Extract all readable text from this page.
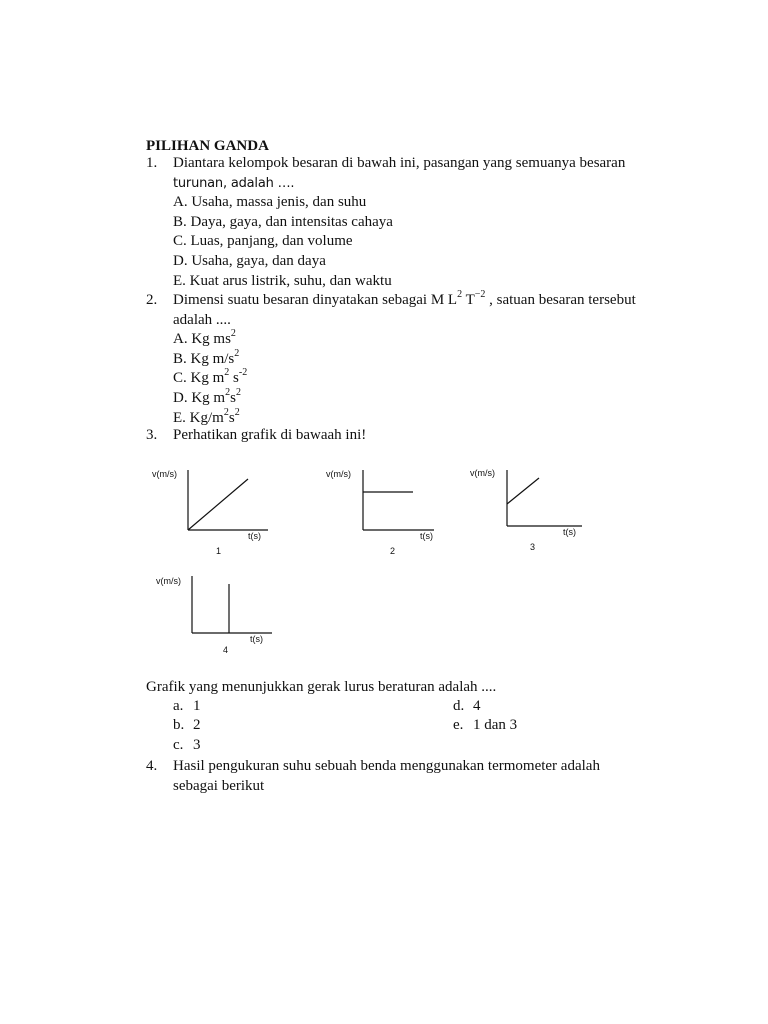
PILIHAN GANDA
1. Diantara kelompok besaran di bawah ini, pasangan yang semuanya besaran

turunan, adalah ….

A. Usaha, massa jenis, dan suhu

B. Daya, gaya, dan intensitas cahaya

C. Luas, panjang, dan volume

D. Usaha, gaya, dan daya

E. Kuat arus listrik, suhu, dan waktu

2. Dimensi suatu besaran dinyatakan sebagai M $L^2$ $T^{-2}$ , satuan besaran tersebut

adalah ....

A. Kg $ms^2$

B. Kg $m/s^2$

C. Kg $m^2$ $s^{-2}$

D. Kg $m^2s^2$

E. $Kg/m^2s^2$

3. Perhatikan grafik di bawaah ini!

v(m/s)
t(s)
1
v(m/s)
t(s)
2
v(m/s)
t(s)
3
v(m/s)
t(s)
4
Grafik yang menunjukkan gerak lurus beraturan adalah ....
a. 1
b. 2
c. 3
d. 4
e. 1 dan 3
4. Hasil pengukuran suhu sebuah benda menggunakan termometer adalah

sebagai berikut
